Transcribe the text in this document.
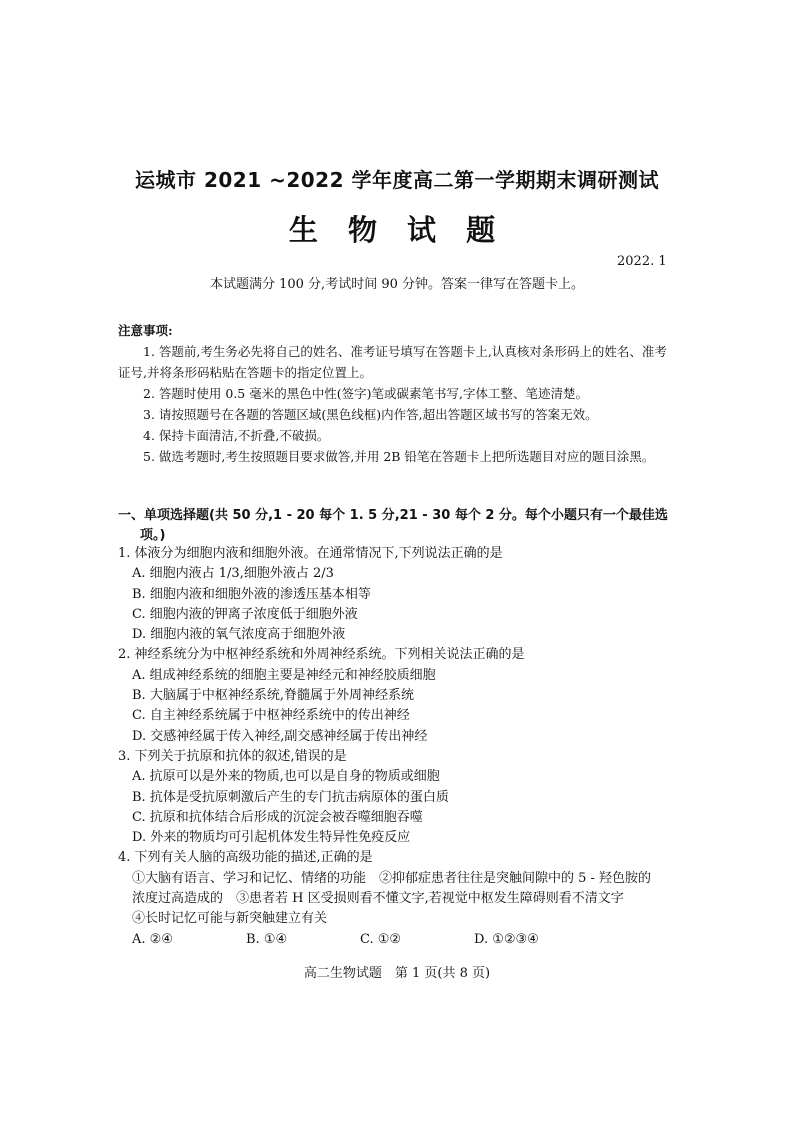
运城市 2021 ~2022 学年度高二第一学期期末调研测试
生 物 试 题
2022. 1
本试题满分 100 分,考试时间 90 分钟。答案一律写在答题卡上。
注意事项:

1. 答题前,考生务必先将自己的姓名、准考证号填写在答题卡上,认真核对条形码上的姓名、准考证号,并将条形码粘贴在答题卡的指定位置上。

2. 答题时使用 0.5 毫米的黑色中性(签字)笔或碳素笔书写,字体工整、笔迹清楚。

3. 请按照题号在各题的答题区域(黑色线框)内作答,超出答题区域书写的答案无效。

4. 保持卡面清洁,不折叠,不破损。

5. 做选考题时,考生按照题目要求做答,并用 2B 铅笔在答题卡上把所选题目对应的题目涂黑。

一、单项选择题(共 50 分,1 - 20 每个 1. 5 分,21 - 30 每个 2 分。每个小题只有一个最佳选
项。)

1. 体液分为细胞内液和细胞外液。在通常情况下,下列说法正确的是

A. 细胞内液占 1/3,细胞外液占 2/3

B. 细胞内液和细胞外液的渗透压基本相等

C. 细胞内液的钾离子浓度低于细胞外液

D. 细胞内液的氧气浓度高于细胞外液

2. 神经系统分为中枢神经系统和外周神经系统。下列相关说法正确的是

A. 组成神经系统的细胞主要是神经元和神经胶质细胞

B. 大脑属于中枢神经系统,脊髓属于外周神经系统

C. 自主神经系统属于中枢神经系统中的传出神经

D. 交感神经属于传入神经,副交感神经属于传出神经

3. 下列关于抗原和抗体的叙述,错误的是

A. 抗原可以是外来的物质,也可以是自身的物质或细胞

B. 抗体是受抗原刺激后产生的专门抗击病原体的蛋白质

C. 抗原和抗体结合后形成的沉淀会被吞噬细胞吞噬

D. 外来的物质均可引起机体发生特异性免疫反应

4. 下列有关人脑的高级功能的描述,正确的是

①大脑有语言、学习和记忆、情绪的功能　②抑郁症患者往往是突触间隙中的 5 - 羟色胺的

浓度过高造成的　③患者若 H 区受损则看不懂文字,若视觉中枢发生障碍则看不清文字

④长时记忆可能与新突触建立有关

A. ②④	B. ①④	C. ①②	D. ①②③④
高二生物试题　第 1 页(共 8 页)
